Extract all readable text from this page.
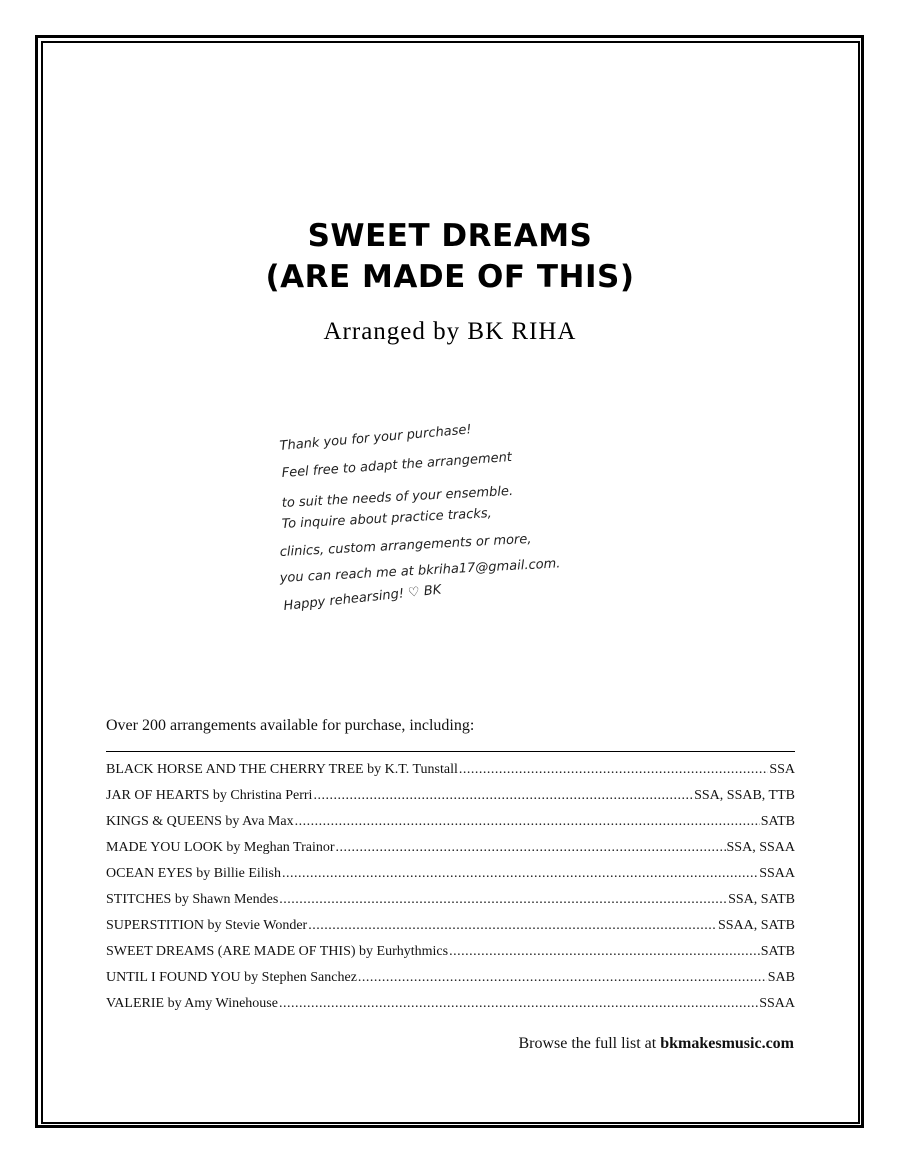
SWEET DREAMS
(ARE MADE OF THIS)
Arranged by BK RIHA
Thank you for your purchase!
Feel free to adapt the arrangement
to suit the needs of your ensemble.
To inquire about practice tracks,
clinics, custom arrangements or more,
you can reach me at bkriha17@gmail.com.
Happy rehearsing! ♡ BK
Over 200 arrangements available for purchase, including:
BLACK HORSE AND THE CHERRY TREE by K.T. Tunstall .....	SSA
JAR OF HEARTS by Christina Perri .....	SSA, SSAB, TTB
KINGS & QUEENS by Ava Max .....	SATB
MADE YOU LOOK by Meghan Trainor .....	SSA, SSAA
OCEAN EYES by Billie Eilish .....	SSAA
STITCHES by Shawn Mendes .....	SSA, SATB
SUPERSTITION by Stevie Wonder .....	SSAA, SATB
SWEET DREAMS (ARE MADE OF THIS) by Eurhythmics .....	SATB
UNTIL I FOUND YOU by Stephen Sanchez .....	SAB
VALERIE by Amy Winehouse .....	SSAA
Browse the full list at bkmakesmusic.com
